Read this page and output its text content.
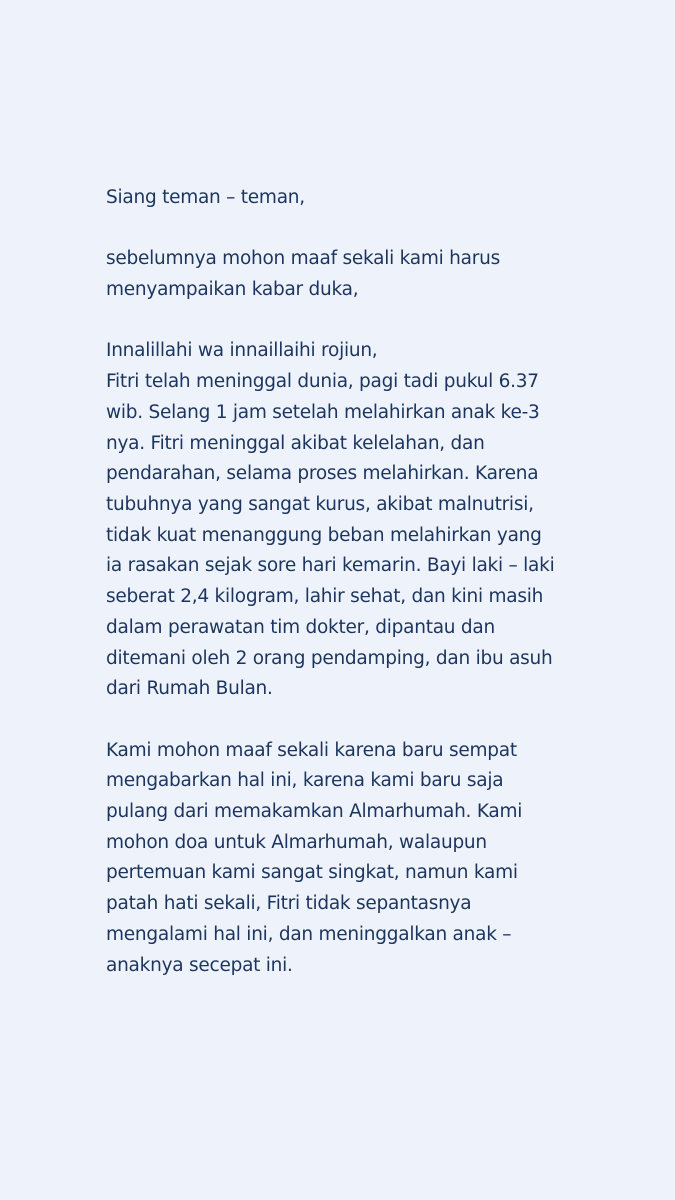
Siang teman – teman,

sebelumnya mohon maaf sekali kami harus
menyampaikan kabar duka,

Innalillahi wa innaillaihi rojiun,
Fitri telah meninggal dunia, pagi tadi pukul 6.37
wib. Selang 1 jam setelah melahirkan anak ke-3
nya. Fitri meninggal akibat kelelahan, dan
pendarahan, selama proses melahirkan. Karena
tubuhnya yang sangat kurus, akibat malnutrisi,
tidak kuat menanggung beban melahirkan yang
ia rasakan sejak sore hari kemarin. Bayi laki – laki
seberat 2,4 kilogram, lahir sehat, dan kini masih
dalam perawatan tim dokter, dipantau dan
ditemani oleh 2 orang pendamping, dan ibu asuh
dari Rumah Bulan.

Kami mohon maaf sekali karena baru sempat
mengabarkan hal ini, karena kami baru saja
pulang dari memakamkan Almarhumah. Kami
mohon doa untuk Almarhumah, walaupun
pertemuan kami sangat singkat, namun kami
patah hati sekali, Fitri tidak sepantasnya
mengalami hal ini, dan meninggalkan anak –
anaknya secepat ini.
